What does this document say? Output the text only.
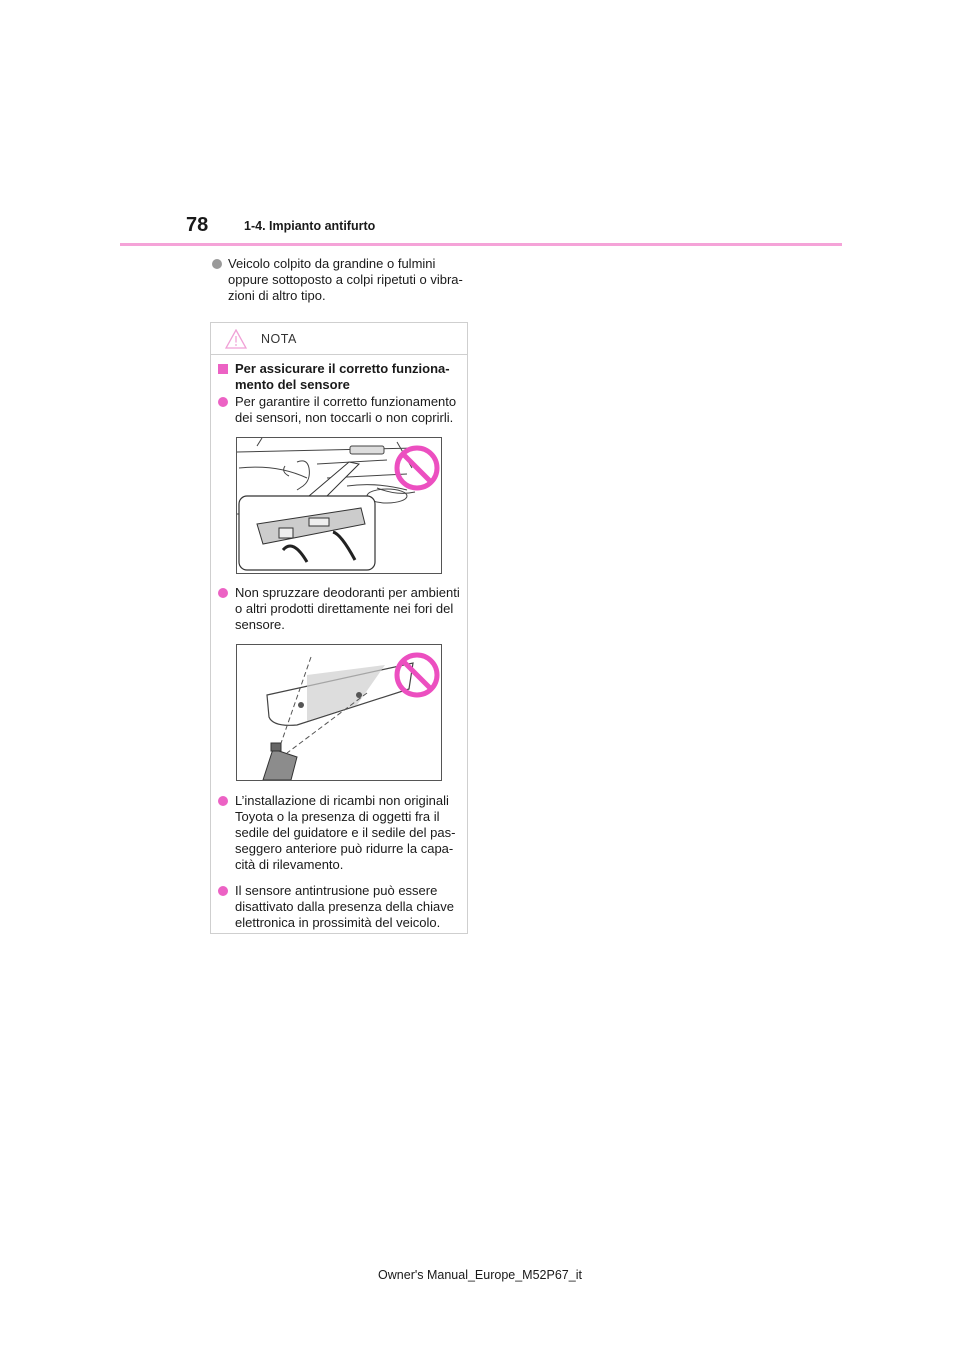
78	1-4. Impianto antifurto
Veicolo colpito da grandine o fulmini
oppure sottoposto a colpi ripetuti o vibra-
zioni di altro tipo.
NOTA
Per assicurare il corretto funziona-
mento del sensore
Per garantire il corretto funzionamento
dei sensori, non toccarli o non coprirli.
Non spruzzare deodoranti per ambienti
o altri prodotti direttamente nei fori del
sensore.
L’installazione di ricambi non originali
Toyota o la presenza di oggetti fra il
sedile del guidatore e il sedile del pas-
seggero anteriore può ridurre la capa-
cità di rilevamento.
Il sensore antintrusione può essere
disattivato dalla presenza della chiave
elettronica in prossimità del veicolo.
Owner's Manual_Europe_M52P67_it
